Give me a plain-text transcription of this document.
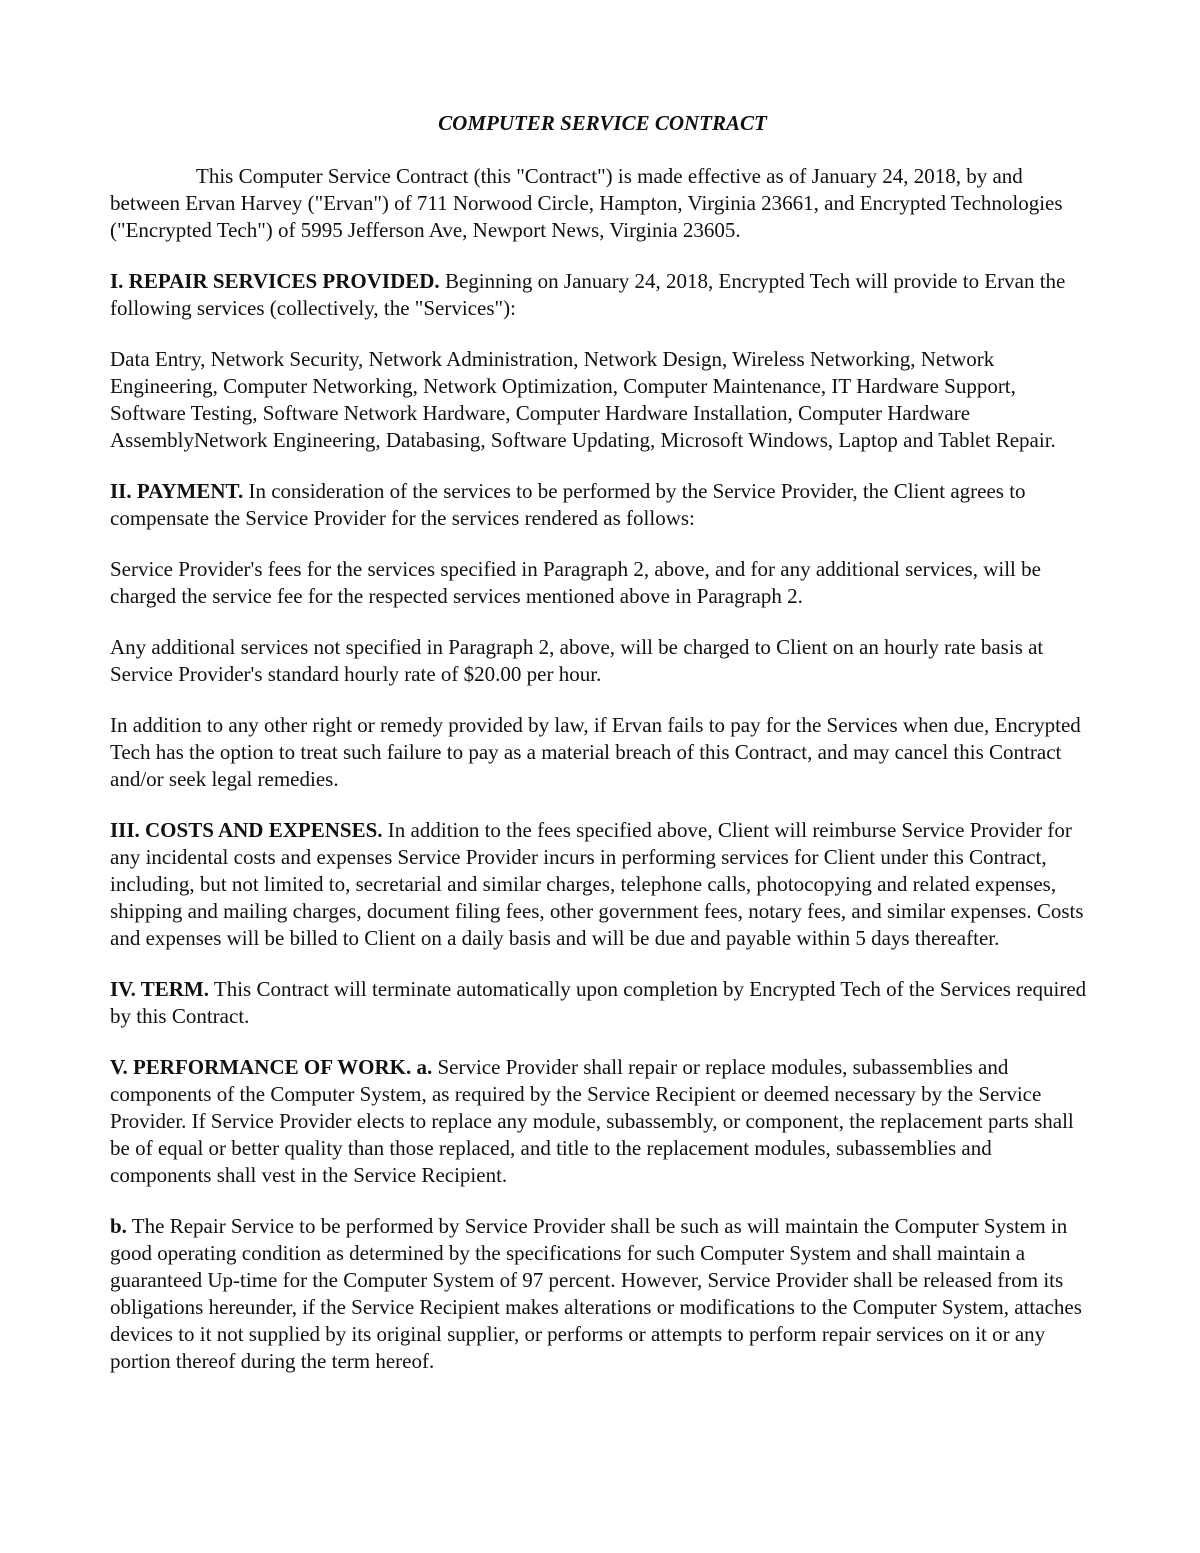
COMPUTER SERVICE CONTRACT

This Computer Service Contract (this "Contract") is made effective as of January 24, 2018, by and between Ervan Harvey ("Ervan") of 711 Norwood Circle, Hampton, Virginia 23661, and Encrypted Technologies ("Encrypted Tech") of 5995 Jefferson Ave, Newport News, Virginia 23605.

I. REPAIR SERVICES PROVIDED. Beginning on January 24, 2018, Encrypted Tech will provide to Ervan the following services (collectively, the "Services"):

Data Entry, Network Security, Network Administration, Network Design, Wireless Networking, Network Engineering, Computer Networking, Network Optimization, Computer Maintenance, IT Hardware Support, Software Testing, Software Network Hardware, Computer Hardware Installation, Computer Hardware AssemblyNetwork Engineering, Databasing, Software Updating, Microsoft Windows, Laptop and Tablet Repair.

II. PAYMENT. In consideration of the services to be performed by the Service Provider, the Client agrees to compensate the Service Provider for the services rendered as follows:

Service Provider's fees for the services specified in Paragraph 2, above, and for any additional services, will be charged the service fee for the respected services mentioned above in Paragraph 2.

Any additional services not specified in Paragraph 2, above, will be charged to Client on an hourly rate basis at Service Provider's standard hourly rate of $20.00 per hour.

In addition to any other right or remedy provided by law, if Ervan fails to pay for the Services when due, Encrypted Tech has the option to treat such failure to pay as a material breach of this Contract, and may cancel this Contract and/or seek legal remedies.

III. COSTS AND EXPENSES. In addition to the fees specified above, Client will reimburse Service Provider for any incidental costs and expenses Service Provider incurs in performing services for Client under this Contract, including, but not limited to, secretarial and similar charges, telephone calls, photocopying and related expenses, shipping and mailing charges, document filing fees, other government fees, notary fees, and similar expenses. Costs and expenses will be billed to Client on a daily basis and will be due and payable within 5 days thereafter.

IV. TERM. This Contract will terminate automatically upon completion by Encrypted Tech of the Services required by this Contract.

V. PERFORMANCE OF WORK. a. Service Provider shall repair or replace modules, subassemblies and components of the Computer System, as required by the Service Recipient or deemed necessary by the Service Provider. If Service Provider elects to replace any module, subassembly, or component, the replacement parts shall be of equal or better quality than those replaced, and title to the replacement modules, subassemblies and components shall vest in the Service Recipient.

b. The Repair Service to be performed by Service Provider shall be such as will maintain the Computer System in good operating condition as determined by the specifications for such Computer System and shall maintain a guaranteed Up-time for the Computer System of 97 percent. However, Service Provider shall be released from its obligations hereunder, if the Service Recipient makes alterations or modifications to the Computer System, attaches devices to it not supplied by its original supplier, or performs or attempts to perform repair services on it or any portion thereof during the term hereof.
